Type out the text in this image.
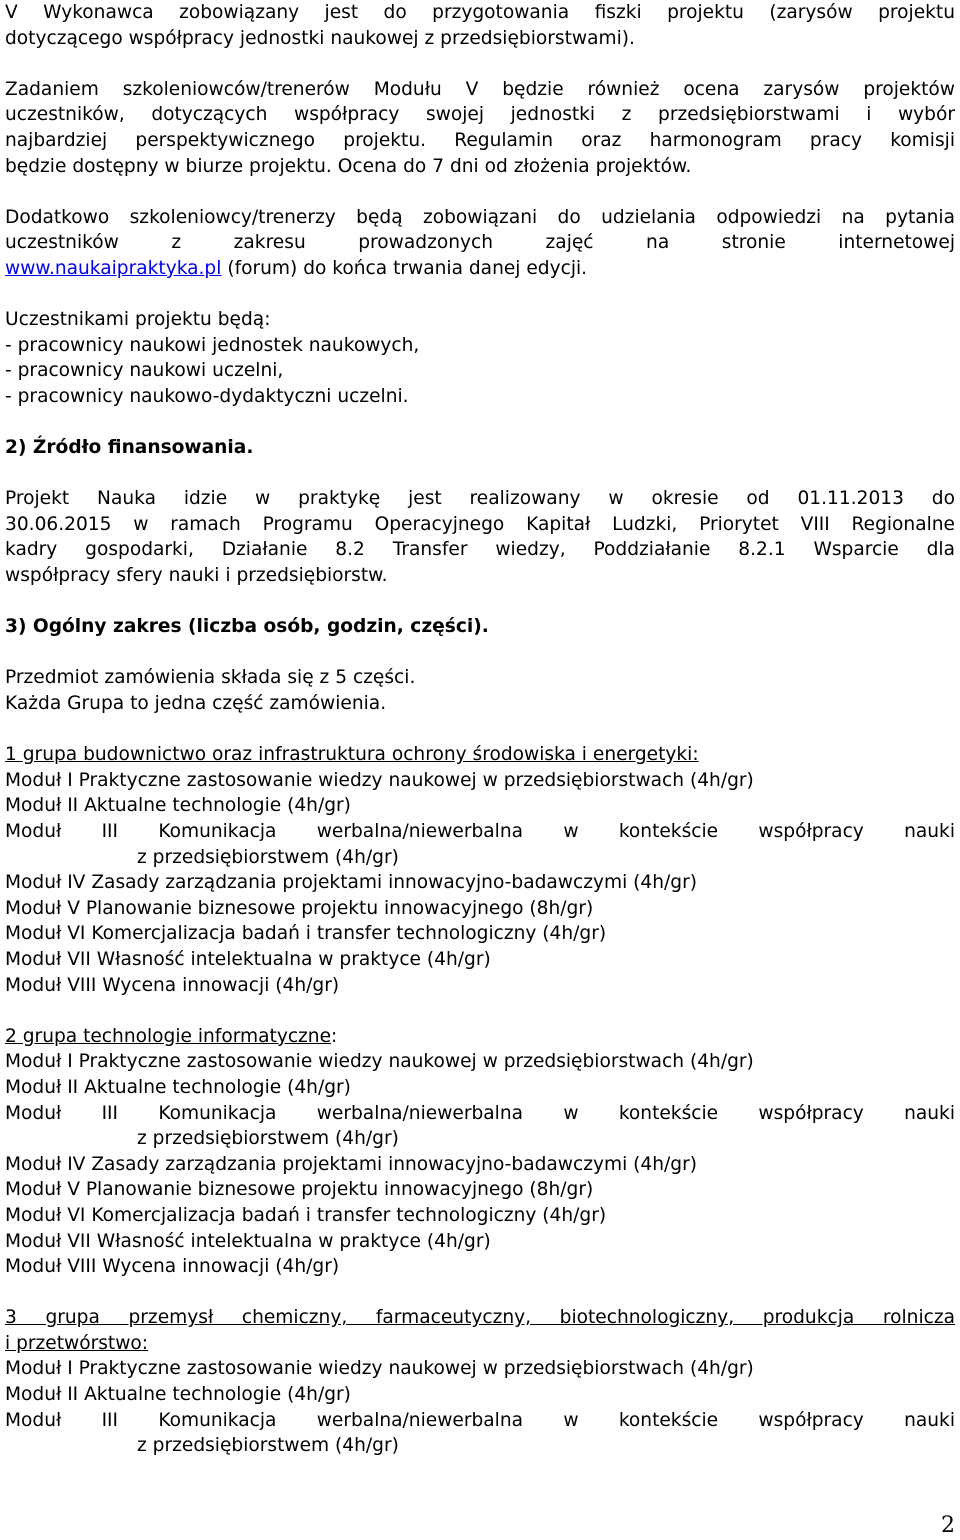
V Wykonawca zobowiązany jest do przygotowania fiszki projektu (zarysów projektu
dotyczącego współpracy jednostki naukowej z przedsiębiorstwami).
Zadaniem szkoleniowców/trenerów Modułu V będzie również ocena zarysów projektów
uczestników, dotyczących współpracy swojej jednostki z przedsiębiorstwami i wybór
najbardziej perspektywicznego projektu. Regulamin oraz harmonogram pracy komisji
będzie dostępny w biurze projektu. Ocena do 7 dni od złożenia projektów.
Dodatkowo szkoleniowcy/trenerzy będą zobowiązani do udzielania odpowiedzi na pytania
uczestników z zakresu prowadzonych zajęć na stronie internetowej
www.naukaipraktyka.pl (forum) do końca trwania danej edycji.
Uczestnikami projektu będą:
- pracownicy naukowi jednostek naukowych,
- pracownicy naukowi uczelni,
- pracownicy naukowo-dydaktyczni uczelni.
2) Źródło finansowania.
Projekt Nauka idzie w praktykę jest realizowany w okresie od 01.11.2013 do
30.06.2015 w ramach Programu Operacyjnego Kapitał Ludzki, Priorytet VIII Regionalne
kadry gospodarki, Działanie 8.2 Transfer wiedzy, Poddziałanie 8.2.1 Wsparcie dla
współpracy sfery nauki i przedsiębiorstw.
3) Ogólny zakres (liczba osób, godzin, części).
Przedmiot zamówienia składa się z 5 części.
Każda Grupa to jedna część zamówienia.
1 grupa budownictwo oraz infrastruktura ochrony środowiska i energetyki:
Moduł I Praktyczne zastosowanie wiedzy naukowej w przedsiębiorstwach (4h/gr)
Moduł II Aktualne technologie (4h/gr)
Moduł III Komunikacja werbalna/niewerbalna w kontekście współpracy nauki
z przedsiębiorstwem (4h/gr)
Moduł IV Zasady zarządzania projektami innowacyjno-badawczymi (4h/gr)
Moduł V Planowanie biznesowe projektu innowacyjnego (8h/gr)
Moduł VI Komercjalizacja badań i transfer technologiczny (4h/gr)
Moduł VII Własność intelektualna w praktyce (4h/gr)
Moduł VIII Wycena innowacji (4h/gr)
2 grupa technologie informatyczne:
Moduł I Praktyczne zastosowanie wiedzy naukowej w przedsiębiorstwach (4h/gr)
Moduł II Aktualne technologie (4h/gr)
Moduł III Komunikacja werbalna/niewerbalna w kontekście współpracy nauki
z przedsiębiorstwem (4h/gr)
Moduł IV Zasady zarządzania projektami innowacyjno-badawczymi (4h/gr)
Moduł V Planowanie biznesowe projektu innowacyjnego (8h/gr)
Moduł VI Komercjalizacja badań i transfer technologiczny (4h/gr)
Moduł VII Własność intelektualna w praktyce (4h/gr)
Moduł VIII Wycena innowacji (4h/gr)
3 grupa przemysł chemiczny, farmaceutyczny, biotechnologiczny, produkcja rolnicza
i przetwórstwo:
Moduł I Praktyczne zastosowanie wiedzy naukowej w przedsiębiorstwach (4h/gr)
Moduł II Aktualne technologie (4h/gr)
Moduł III Komunikacja werbalna/niewerbalna w kontekście współpracy nauki
z przedsiębiorstwem (4h/gr)
2
